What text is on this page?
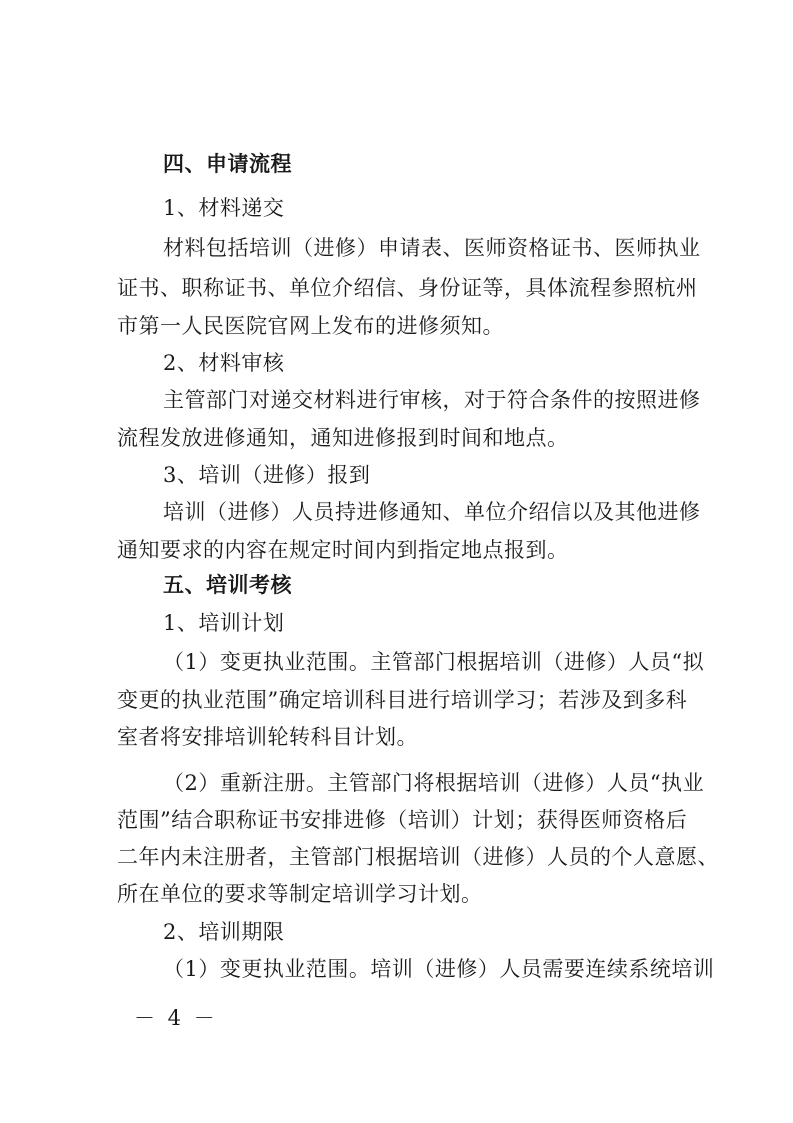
四、申请流程
1、材料递交
材料包括培训（进修）申请表、医师资格证书、医师执业
证书、职称证书、单位介绍信、身份证等，具体流程参照杭州
市第一人民医院官网上发布的进修须知。
2、材料审核
主管部门对递交材料进行审核，对于符合条件的按照进修
流程发放进修通知，通知进修报到时间和地点。
3、培训（进修）报到
培训（进修）人员持进修通知、单位介绍信以及其他进修
通知要求的内容在规定时间内到指定地点报到。
五、培训考核
1、培训计划
（1）变更执业范围。主管部门根据培训（进修）人员“拟
变更的执业范围”确定培训科目进行培训学习；若涉及到多科
室者将安排培训轮转科目计划。
（2）重新注册。主管部门将根据培训（进修）人员“执业
范围”结合职称证书安排进修（培训）计划；获得医师资格后
二年内未注册者，主管部门根据培训（进修）人员的个人意愿、
所在单位的要求等制定培训学习计划。
2、培训期限
（1）变更执业范围。培训（进修）人员需要连续系统培训
－ 4 －
